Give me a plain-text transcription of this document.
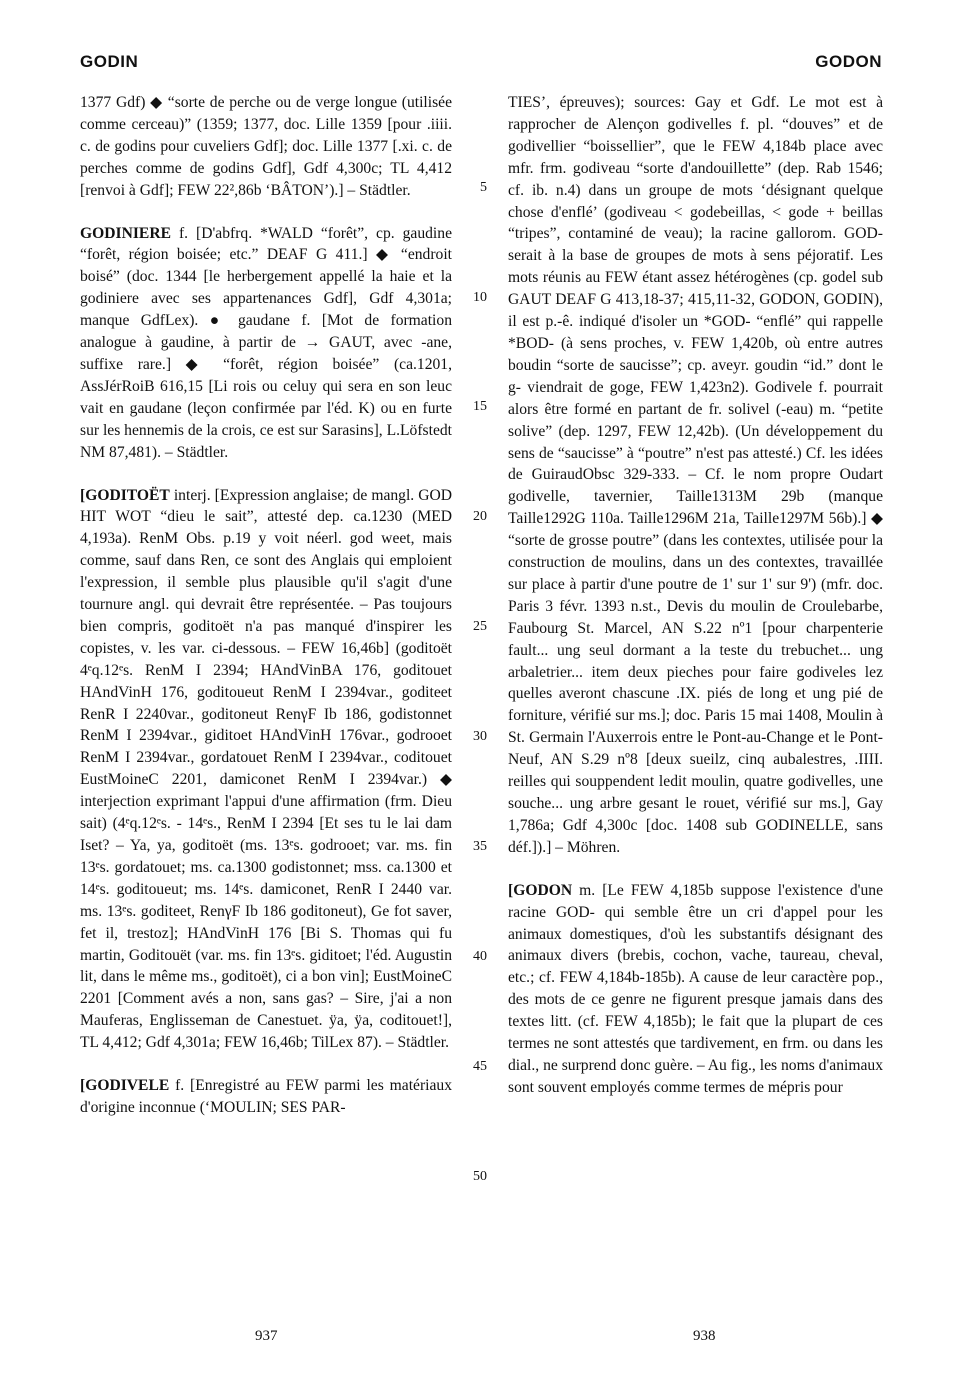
GODIN

1377 Gdf) ◆ “sorte de perche ou de verge longue (utilisée comme cerceau)” (1359; 1377, doc. Lille 1359 [pour .iiii. c. de godins pour cuveliers Gdf]; doc. Lille 1377 [.xi. c. de perches comme de godins Gdf], Gdf 4,300c; TL 4,412 [renvoi à Gdf]; FEW 22²,86b ‘BÂTON’).] – Städtler.

GODINIERE f. [D'abfrq. *WALD “forêt”, cp. gaudine “forêt, région boisée; etc.” DEAF G 411.] ◆ “endroit boisé” (doc. 1344 [le herbergement appellé la haie et la godiniere avec ses appartenances Gdf], Gdf 4,301a; manque GdfLex). ● gaudane f. [Mot de formation analogue à gaudine, à partir de → GAUT, avec -ane, suffixe rare.] ◆ “forêt, région boisée” (ca.1201, AssJérRoiB 616,15 [Li rois ou celuy qui sera en son leuc vait en gaudane (leçon confirmée par l'éd. K) ou en furte sur les hennemis de la crois, ce est sur Sarasins], L.Löfstedt NM 87,481). – Städtler.

[GODITOËT interj. [Expression anglaise; de mangl. GOD HIT WOT “dieu le sait”, attesté dep. ca.1230 (MED 4,193a). RenM Obs. p.19 y voit néerl. god weet, mais comme, sauf dans Ren, ce sont des Anglais qui emploient l'expression, il semble plus plausible qu'il s'agit d'une tournure angl. qui devrait être représentée. – Pas toujours bien compris, goditoët n'a pas manqué d'inspirer les copistes, v. les var. ci-dessous. – FEW 16,46b] (goditoët 4ᵉq.12ᵉs. RenM I 2394; HAndVinBA 176, goditouet HAndVinH 176, goditoueut RenM I 2394var., goditeet RenR I 2240var., goditoneut RenγF Ib 186, godistonnet RenM I 2394var., giditoet HAndVinH 176var., godrooet RenM I 2394var., gordatouet RenM I 2394var., coditouet EustMoineC 2201, damiconet RenM I 2394var.) ◆ interjection exprimant l'appui d'une affirmation (frm. Dieu sait) (4ᵉq.12ᵉs. - 14ᵉs., RenM I 2394 [Et ses tu le lai dam Iset? – Ya, ya, goditoët (ms. 13ᵉs. godrooet; var. ms. fin 13ᵉs. gordatouet; ms. ca.1300 godistonnet; mss. ca.1300 et 14ᵉs. goditoueut; ms. 14ᵉs. damiconet, RenR I 2440 var. ms. 13ᵉs. goditeet, RenγF Ib 186 goditoneut), Ge fot saver, fet il, trestoz]; HAndVinH 176 [Bi S. Thomas qui fu martin, Goditouët (var. ms. fin 13ᵉs. giditoet; l'éd. Augustin lit, dans le même ms., goditoët), ci a bon vin]; EustMoineC 2201 [Comment avés a non, sans gas? – Sire, j'ai a non Mauferas, Englisseman de Canestuet. ÿa, ÿa, coditouet!], TL 4,412; Gdf 4,301a; FEW 16,46b; TilLex 87). – Städtler.

[GODIVELE f. [Enregistré au FEW parmi les matériaux d'origine inconnue (‘MOULIN; SES PAR-

937
5
10
15
20
25
30
35
40
45
50
GODON

TIES’, épreuves); sources: Gay et Gdf. Le mot est à rapprocher de Alençon godivelles f. pl. “douves” et de godivellier “boissellier”, que le FEW 4,184b place avec mfr. frm. godiveau “sorte d'andouillette” (dep. Rab 1546; cf. ib. n.4) dans un groupe de mots ‘désignant quelque chose d'enflé’ (godiveau < godebeillas, < gode + beillas “tripes”, contaminé de veau); la racine gallorom. GOD- serait à la base de groupes de mots à sens péjoratif. Les mots réunis au FEW étant assez hétérogènes (cp. godel sub GAUT DEAF G 413,18-37; 415,11-32, GODON, GODIN), il est p.-ê. indiqué d'isoler un *GOD- “enflé” qui rappelle *BOD- (à sens proches, v. FEW 1,420b, où entre autres boudin “sorte de saucisse”; cp. aveyr. goudin “id.” dont le g- viendrait de goge, FEW 1,423n2). Godivele f. pourrait alors être formé en partant de fr. solivel (-eau) m. “petite solive” (dep. 1297, FEW 12,42b). (Un développement du sens de “saucisse” à “poutre” n'est pas attesté.) Cf. les idées de GuiraudObsc 329-333. – Cf. le nom propre Oudart godivelle, tavernier, Taille1313M 29b (manque Taille1292G 110a. Taille1296M 21a, Taille1297M 56b).] ◆ “sorte de grosse poutre” (dans les contextes, utilisée pour la construction de moulins, dans un des contextes, travaillée sur place à partir d'une poutre de 1' sur 1' sur 9') (mfr. doc. Paris 3 févr. 1393 n.st., Devis du moulin de Croulebarbe, Faubourg St. Marcel, AN S.22 nº1 [pour charpenterie fault... ung seul dormant a la teste du trebuchet... ung arbaletrier... item deux pieches pour faire godiveles lez quelles averont chascune .IX. piés de long et ung pié de forniture, vérifié sur ms.]; doc. Paris 15 mai 1408, Moulin à St. Germain l'Auxerrois entre le Pont-au-Change et le Pont-Neuf, AN S.29 nº8 [deux sueilz, cinq aubalestres, .IIII. reilles qui souppendent ledit moulin, quatre godivelles, une souche... ung arbre gesant le rouet, vérifié sur ms.], Gay 1,786a; Gdf 4,300c [doc. 1408 sub GODINELLE, sans déf.]).] – Möhren.

[GODON m. [Le FEW 4,185b suppose l'existence d'une racine GOD- qui semble être un cri d'appel pour les animaux domestiques, d'où les substantifs désignant des animaux divers (brebis, cochon, vache, taureau, cheval, etc.; cf. FEW 4,184b-185b). A cause de leur caractère pop., des mots de ce genre ne figurent presque jamais dans des textes litt. (cf. FEW 4,185b); le fait que la plupart de ces termes ne sont attestés que tardivement, en frm. ou dans les dial., ne surprend donc guère. – Au fig., les noms d'animaux sont souvent employés comme termes de mépris pour

938
